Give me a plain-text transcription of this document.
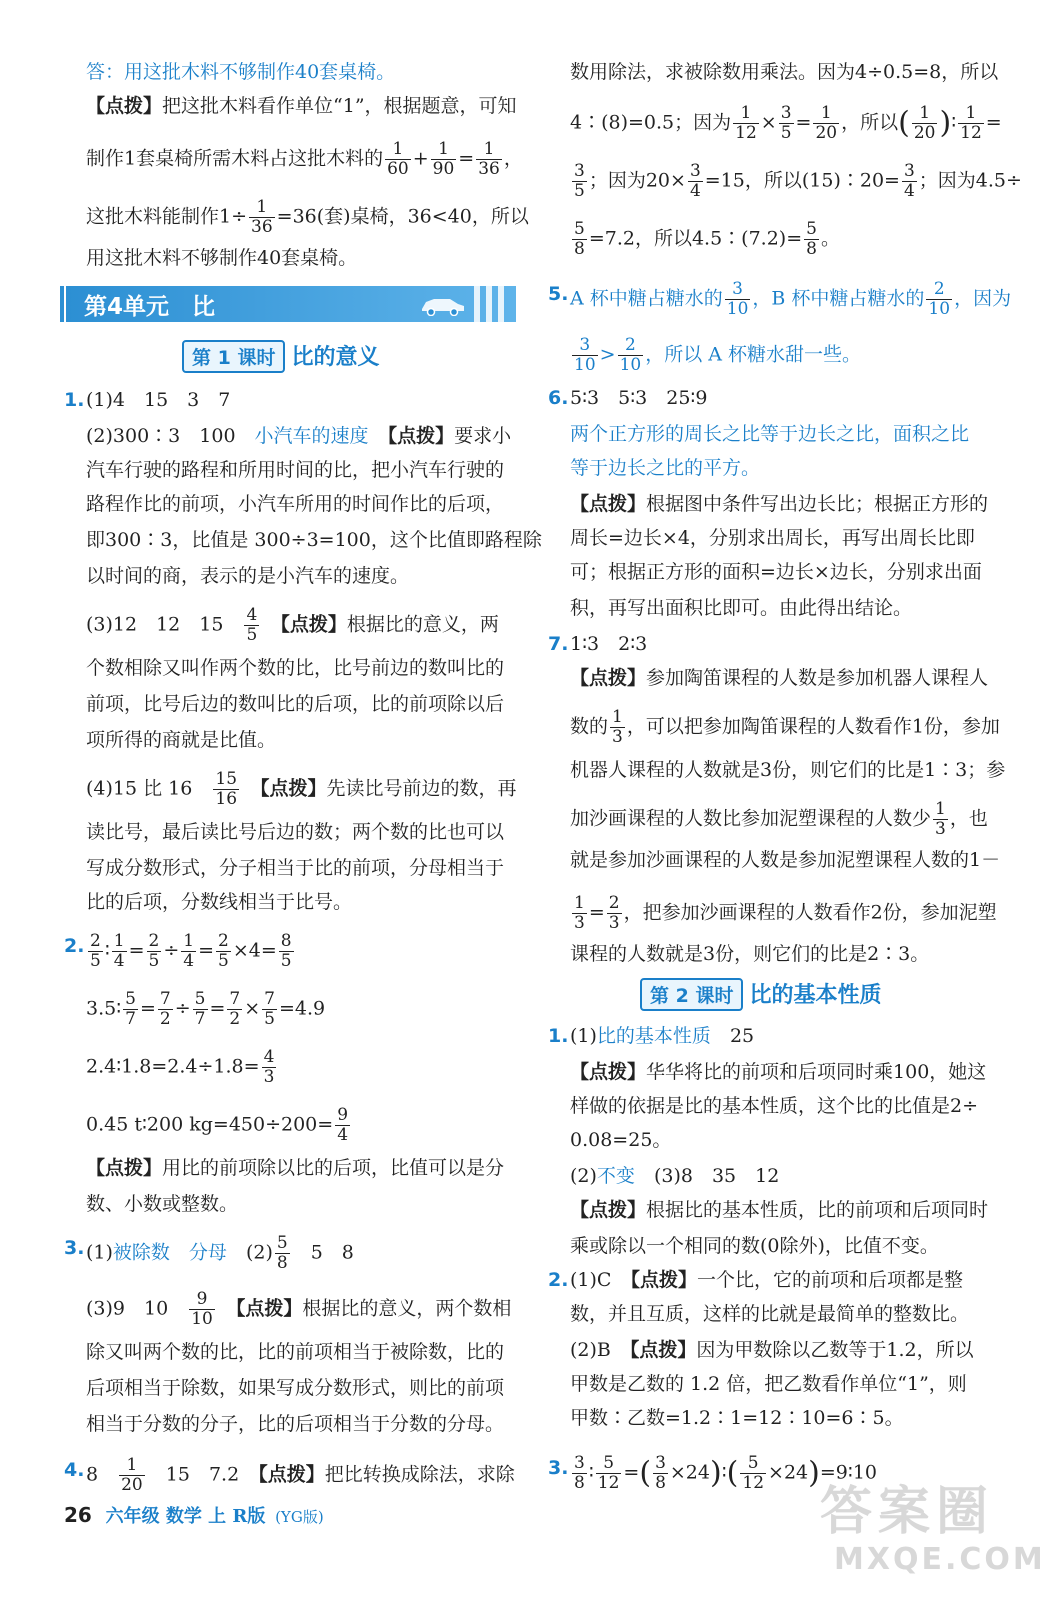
答：用这批木料不够制作40套桌椅。
【点拨】把这批木料看作单位“1”，根据题意，可知
制作1套桌椅所需木料占这批木料的 $\frac{1}{60} + \frac{1}{90} = \frac{1}{36}$ ，
这批木料能制作$1\div \frac{1}{36} =36$(套)桌椅，36<40，所以
用这批木料不够制作40套桌椅。
第4单元　比
第 1 课时 比的意义
1. (1)4　15　3　7
(2)300∶3　100　小汽车的速度　 【点拨】要求小
汽车行驶的路程和所用时间的比，把小汽车行驶的
路程作比的前项，小汽车所用的时间作比的后项，
即300∶3，比值是 300÷3=100，这个比值即路程除
以时间的商，表示的是小汽车的速度。
(3)12　12　15　 $\frac{4}{5}$
　 【点拨】根据比的意义，两
个数相除又叫作两个数的比，比号前边的数叫比的
前项，比号后边的数叫比的后项，比的前项除以后
项所得的商就是比值。
(4)15 比 16　 $\frac{15}{16}$
　 【点拨】先读比号前边的数，再
读比号，最后读比号后边的数；两个数的比也可以
写成分数形式，分子相当于比的前项，分母相当于
比的后项，分数线相当于比号。
2. $\frac{2}{5}$ ∶ $\frac{1}{4} = \frac{2}{5} \div \frac{1}{4} = \frac{2}{5} \times 4= \frac{8}{5}$
3.5∶ $\frac{5}{7} = \frac{7}{2} \div \frac{5}{7} = \frac{7}{2} \times \frac{7}{5} =4.9$
2.4∶1.8=2.4÷1.8= $\frac{4}{3}$
0.45 t∶200 $kg=450\div 200= \frac{9}{4}$
【点拨】用比的前项除以比的后项，比值可以是分
数、小数或整数。
3. (1)被除数　分母　$(2) \frac{5}{8}$ 　5　8
(3)9　10　 $\frac{9}{10}$
　 【点拨】根据比的意义，两个数相
除又叫两个数的比，比的前项相当于被除数，比的
后项相当于除数，如果写成分数形式，则比的前项
相当于分数的分子，比的后项相当于分数的分母。
4. 8　 $\frac{1}{20}$
　 15　7.2　 【点拨】把比转换成除法，求除
数用除法，求被除数用乘法。因为4÷0.5=8，所以
4∶(8)=0.5；因为 $\frac{1}{12} \times \frac{3}{5} = \frac{1}{20}$ ，所以( $\frac{1}{20}$ )∶ $\frac{1}{12}$ =
$\frac{3}{5}$ ；因为$20\times \frac{3}{4} =15$，所以(15)∶20= $\frac{3}{4}$ ；因为4.5÷
$\frac{5}{8} =7.2$，所以4.5∶(7.2)= $\frac{5}{8}$ 。
5. A 杯中糖占糖水的 $\frac{3}{10}$ ，B 杯中糖占糖水的 $\frac{2}{10}$ ，因为
$\frac{3}{10} > \frac{2}{10}$ ，所以 A 杯糖水甜一些。
6. 5∶3　5∶3　25∶9
两个正方形的周长之比等于边长之比，面积之比
等于边长之比的平方。
【点拨】根据图中条件写出边长比；根据正方形的
周长=边长×4，分别求出周长，再写出周长比即
可；根据正方形的面积=边长×边长，分别求出面
积，再写出面积比即可。由此得出结论。
7. 1∶3　2∶3
【点拨】参加陶笛课程的人数是参加机器人课程人
数的 $\frac{1}{3}$ ，可以把参加陶笛课程的人数看作1份，参加
机器人课程的人数就是3份，则它们的比是1∶3；参
加沙画课程的人数比参加泥塑课程的人数少 $\frac{1}{3}$ ，也
就是参加沙画课程的人数是参加泥塑课程人数的1－
$\frac{1}{3} = \frac{2}{3}$ ，把参加沙画课程的人数看作2份，参加泥塑
课程的人数就是3份，则它们的比是2∶3。
第 2 课时 比的基本性质
1. (1)比的基本性质　25
【点拨】华华将比的前项和后项同时乘100，她这
样做的依据是比的基本性质，这个比的比值是2÷
0.08=25。
(2)不变　(3)8　35　12
【点拨】根据比的基本性质，比的前项和后项同时
乘或除以一个相同的数(0除外)，比值不变。
2. (1)C　【点拨】一个比，它的前项和后项都是整
数，并且互质，这样的比就是最简单的整数比。
(2)B　【点拨】因为甲数除以乙数等于1.2，所以
甲数是乙数的 1.2 倍，把乙数看作单位“1”，则
甲数∶乙数=1.2∶1=12∶10=6∶5。
3. $\frac{3}{8}$ ∶ $\frac{5}{12}$ =( $\frac{3}{8}$ ×24)∶( $\frac{5}{12}$ ×24)=9∶10
26 六年级 数学 上 R版 (YG版)	答案圈
MXQE.COM
